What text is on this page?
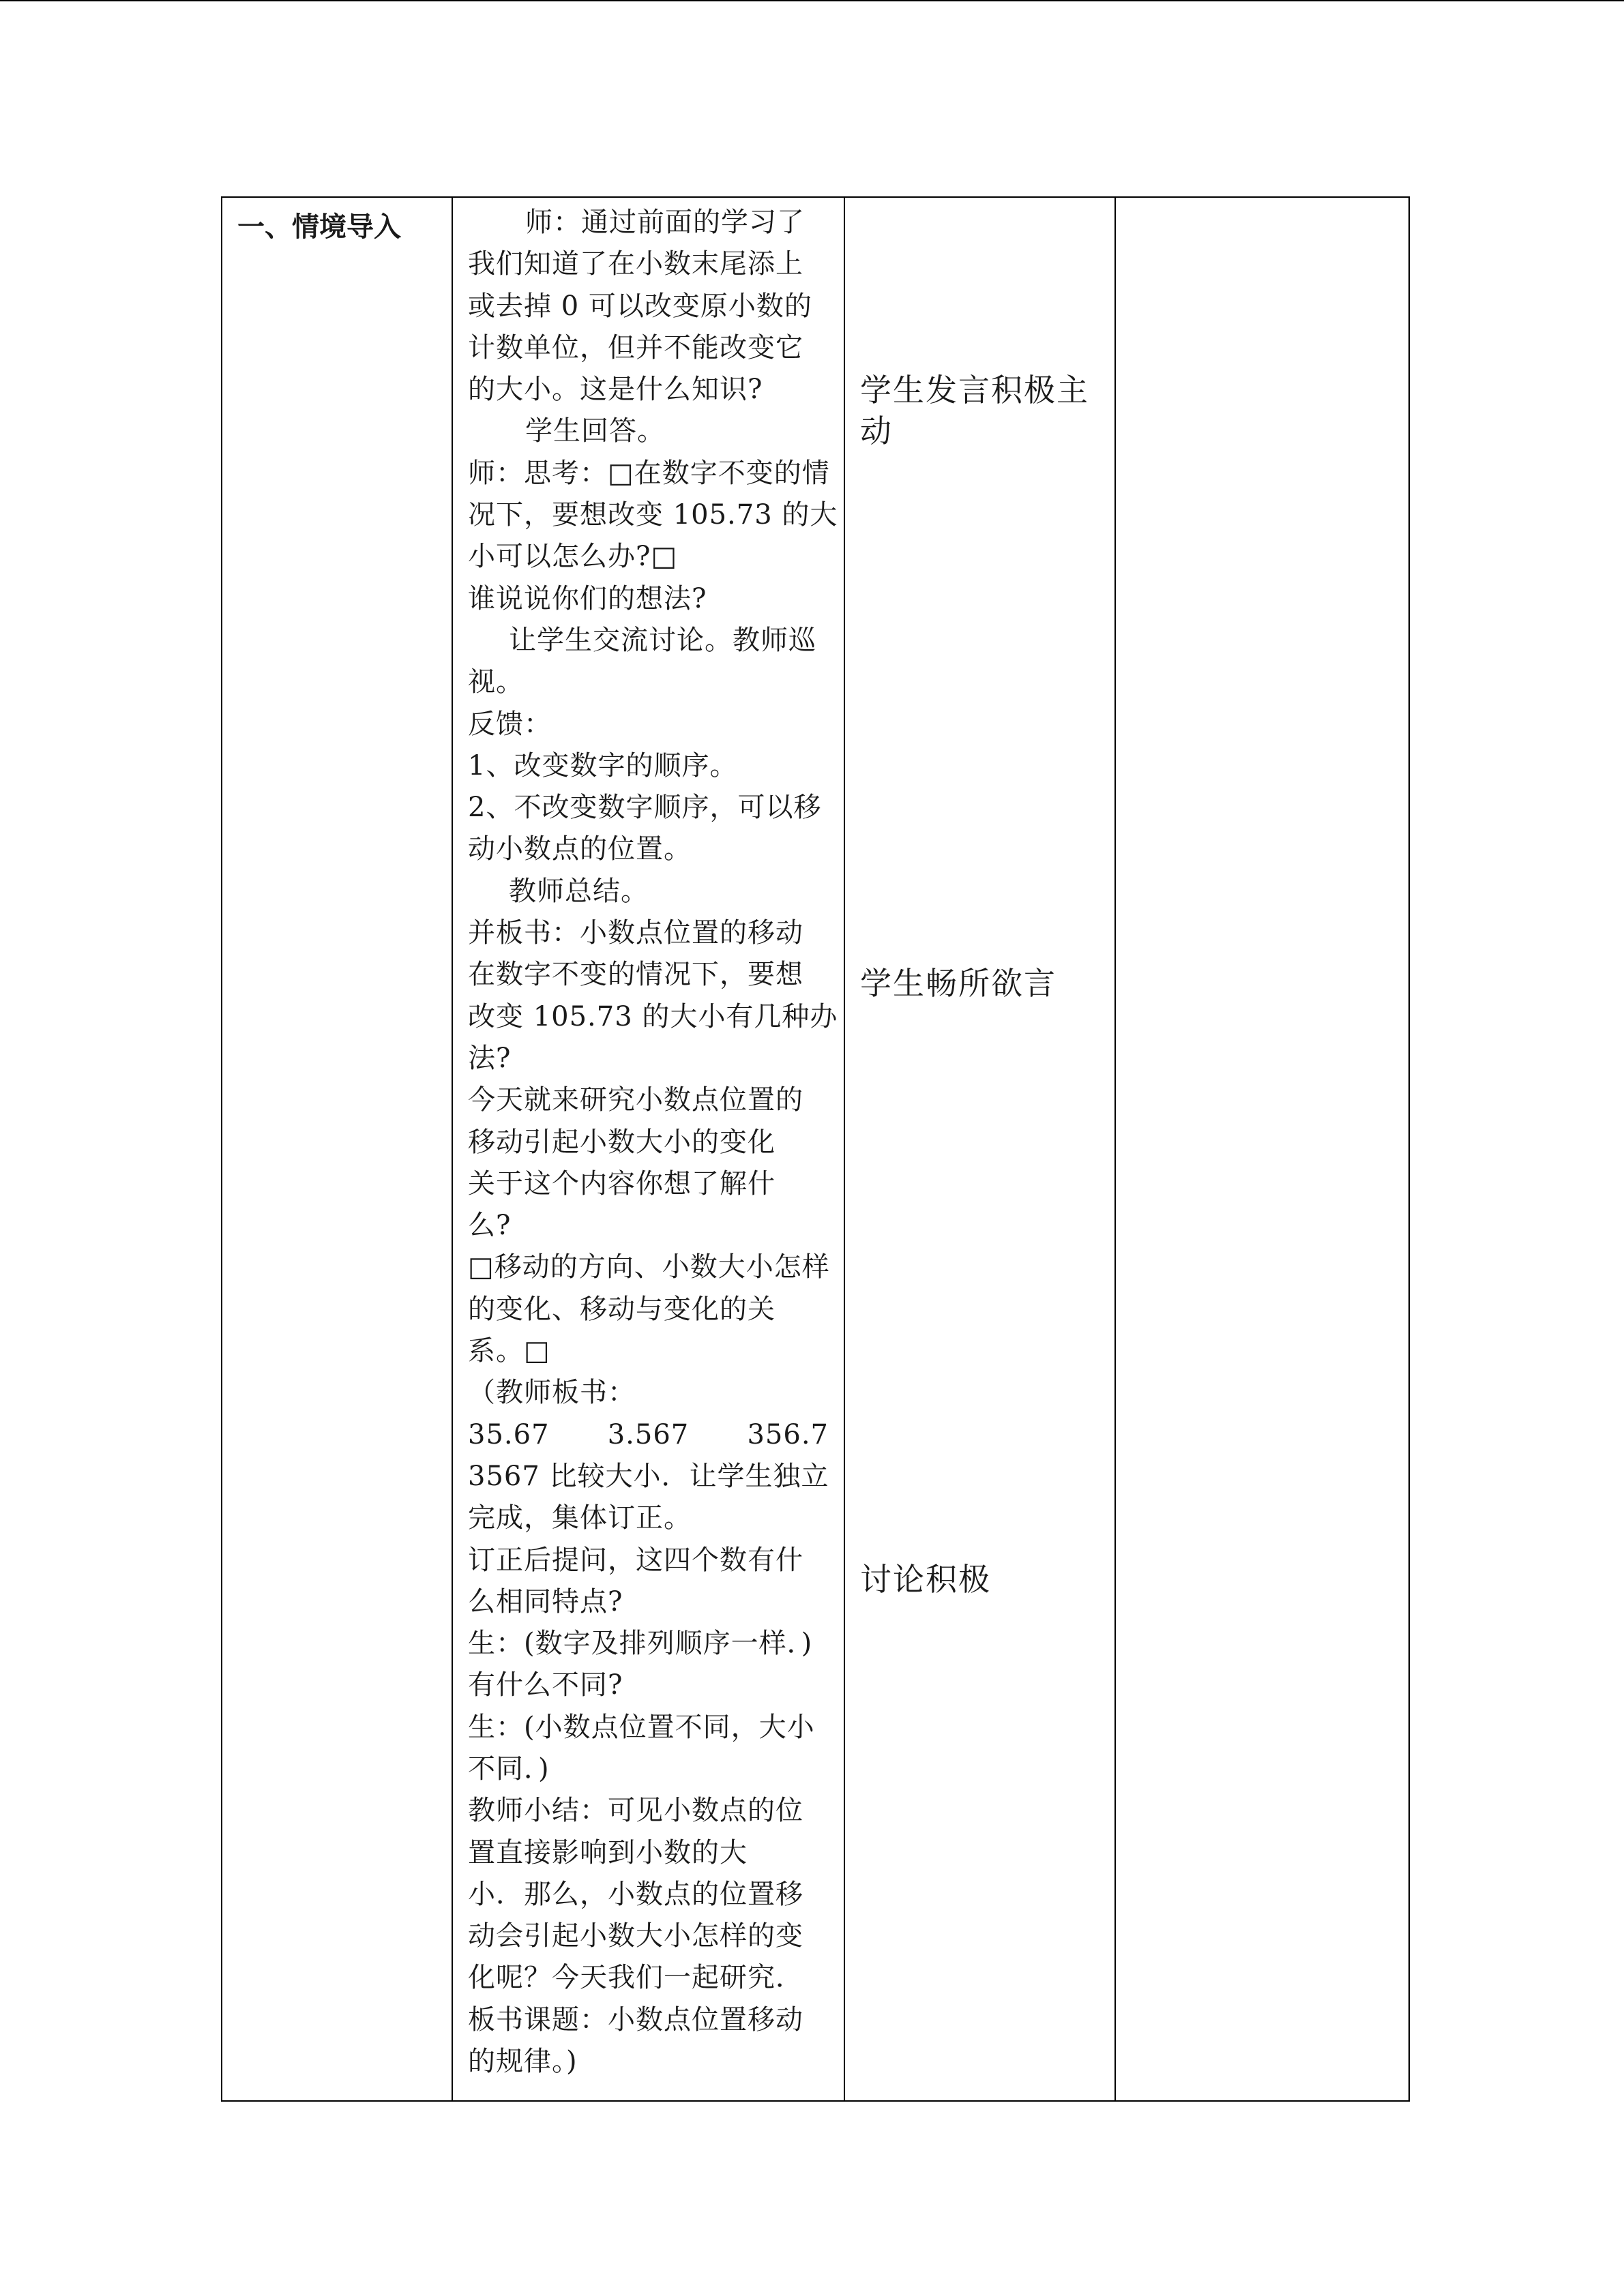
一、情境导入	师：通过前面的学习了
我们知道了在小数末尾添上
或去掉 0 可以改变原小数的
计数单位，但并不能改变它
的大小。这是什么知识?
学生回答。
师：思考：□在数字不变的情
况下，要想改变 105.73 的大
小可以怎么办?□
谁说说你们的想法?
让学生交流讨论。教师巡
视。
反馈：
1、改变数字的顺序。
2、不改变数字顺序，可以移
动小数点的位置。
教师总结。
并板书：小数点位置的移动
在数字不变的情况下，要想
改变 105.73 的大小有几种办
法?
今天就来研究小数点位置的
移动引起小数大小的变化
关于这个内容你想了解什
么?
□移动的方向、小数大小怎样
的变化、移动与变化的关
系。□
（教师板书：
35.67 3.567 356.7
3567 比较大小．让学生独立
完成，集体订正。
订正后提问，这四个数有什
么相同特点?
生：(数字及排列顺序一样．)
有什么不同?
生：(小数点位置不同，大小
不同．)
教师小结：可见小数点的位
置直接影响到小数的大
小．那么，小数点的位置移
动会引起小数大小怎样的变
化呢？今天我们一起研究．
板书课题：小数点位置移动
的规律。)
学生发言积极主动
学生畅所欲言
讨论积极
